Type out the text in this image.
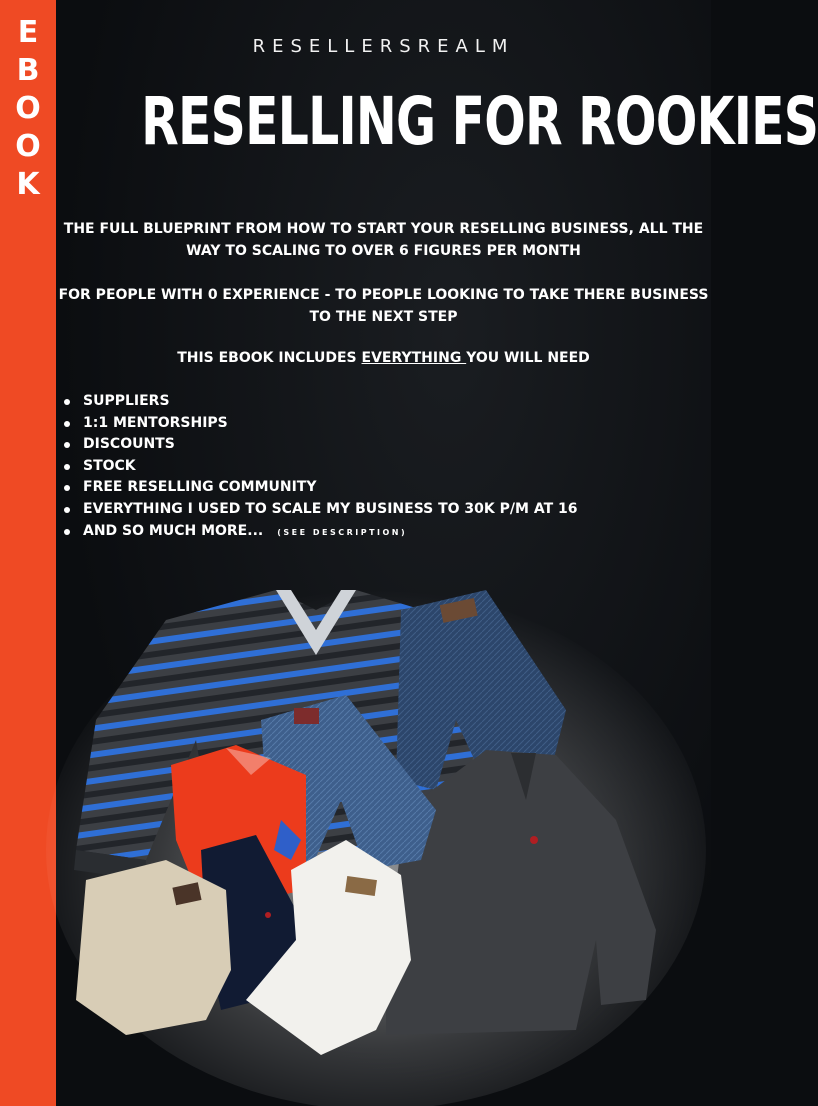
E
B
O
O
K
RESELLERSREALM
RESELLING FOR ROOKIES
THE FULL BLUEPRINT FROM HOW TO START YOUR RESELLING BUSINESS, ALL THE
WAY TO SCALING TO OVER 6 FIGURES PER MONTH
FOR PEOPLE WITH 0 EXPERIENCE - TO PEOPLE LOOKING TO TAKE THERE BUSINESS
TO THE NEXT STEP
THIS EBOOK INCLUDES EVERYTHING YOU WILL NEED
SUPPLIERS
1:1 MENTORSHIPS
DISCOUNTS
STOCK
FREE RESELLING COMMUNITY
EVERYTHING I USED TO SCALE MY BUSINESS TO 30K P/M AT 16
AND SO MUCH MORE... (SEE DESCRIPTION)
